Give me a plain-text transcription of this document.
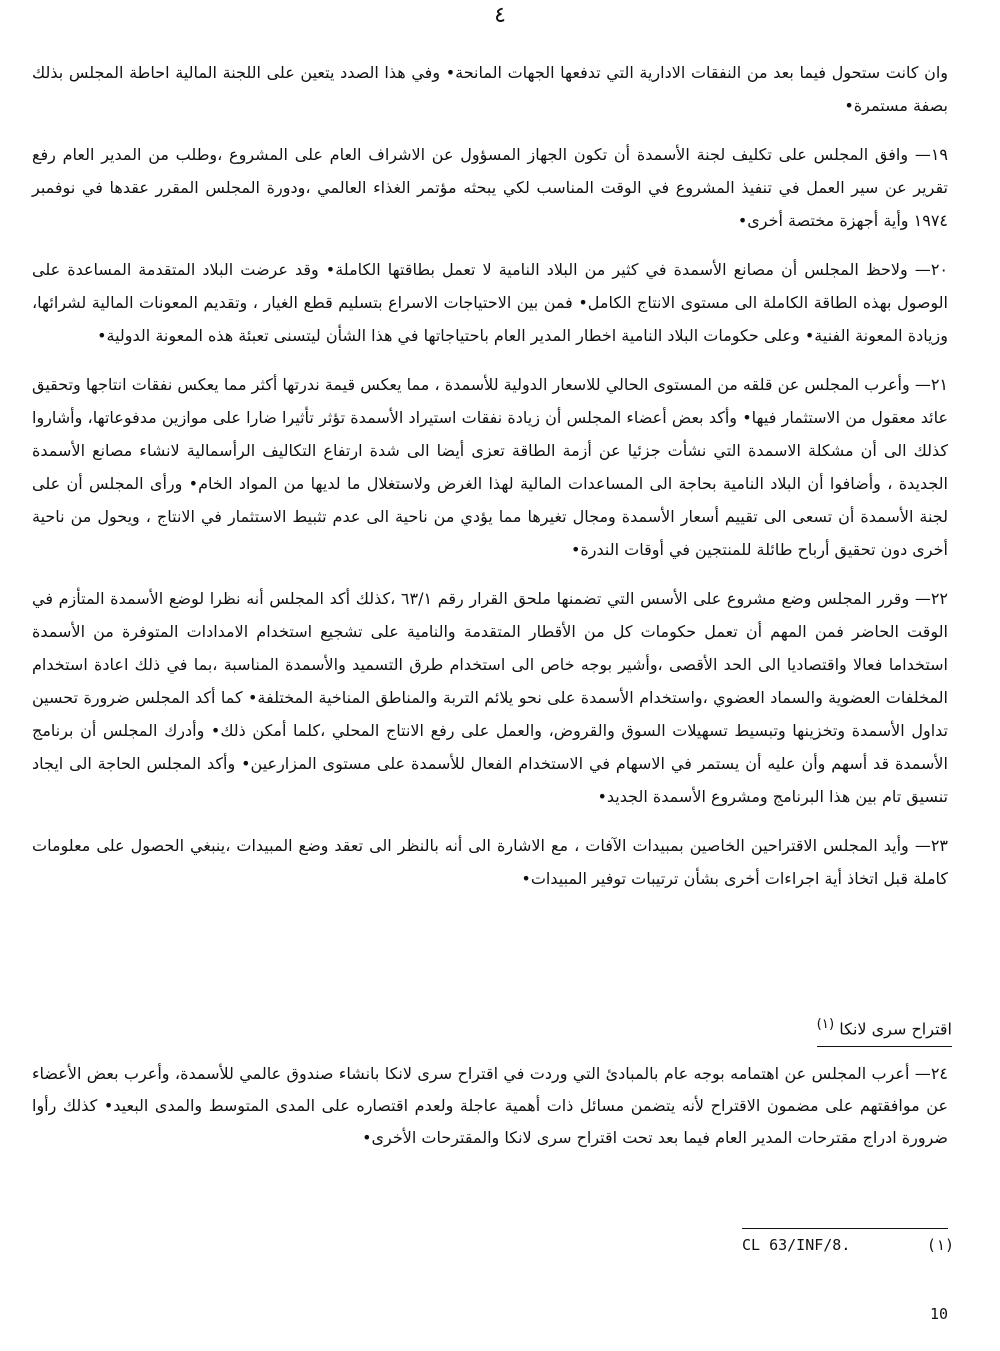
٤

وان كانت ستحول فيما بعد من النفقات الادارية التي تدفعها الجهات المانحة• وفي هذا الصدد يتعين على اللجنة المالية احاطة المجلس بذلك بصفة مستمرة•

١٩— وافق المجلس على تكليف لجنة الأسمدة أن تكون الجهاز المسؤول عن الاشراف العام على المشروع ،وطلب من المدير العام رفع تقرير عن سير العمل في تنفيذ المشروع في الوقت المناسب لكي يبحثه مؤتمر الغذاء العالمي ،ودورة المجلس المقرر عقدها في نوفمبر ١٩٧٤ وأية أجهزة مختصة أخرى•

٢٠— ولاحظ المجلس أن مصانع الأسمدة في كثير من البلاد النامية لا تعمل بطاقتها الكاملة• وقد عرضت البلاد المتقدمة المساعدة على الوصول بهذه الطاقة الكاملة الى مستوى الانتاج الكامل• فمن بين الاحتياجات الاسراع بتسليم قطع الغيار ، وتقديم المعونات المالية لشرائها، وزيادة المعونة الفنية• وعلى حكومات البلاد النامية اخطار المدير العام باحتياجاتها في هذا الشأن ليتسنى تعبئة هذه المعونة الدولية•

٢١— وأعرب المجلس عن قلقه من المستوى الحالي للاسعار الدولية للأسمدة ، مما يعكس قيمة ندرتها أكثر مما يعكس نفقات انتاجها وتحقيق عائد معقول من الاستثمار فيها• وأكد بعض أعضاء المجلس أن زيادة نفقات استيراد الأسمدة تؤثر تأثيرا ضارا على موازين مدفوعاتها، وأشاروا كذلك الى أن مشكلة الاسمدة التي نشأت جزئيا عن أزمة الطاقة تعزى أيضا الى شدة ارتفاع التكاليف الرأسمالية لانشاء مصانع الأسمدة الجديدة ، وأضافوا أن البلاد النامية بحاجة الى المساعدات المالية لهذا الغرض ولاستغلال ما لديها من المواد الخام• ورأى المجلس أن على لجنة الأسمدة أن تسعى الى تقييم أسعار الأسمدة ومجال تغيرها مما يؤدي من ناحية الى عدم تثبيط الاستثمار في الانتاج ، ويحول من ناحية أخرى دون تحقيق أرباح طائلة للمنتجين في أوقات الندرة•

٢٢— وقرر المجلس وضع مشروع على الأسس التي تضمنها ملحق القرار رقم ٦٣/١ ،كذلك أكد المجلس أنه نظرا لوضع الأسمدة المتأزم في الوقت الحاضر فمن المهم أن تعمل حكومات كل من الأقطار المتقدمة والنامية على تشجيع استخدام الامدادات المتوفرة من الأسمدة استخداما فعالا واقتصاديا الى الحد الأقصى ،وأشير بوجه خاص الى استخدام طرق التسميد والأسمدة المناسبة ،بما في ذلك اعادة استخدام المخلفات العضوية والسماد العضوي ،واستخدام الأسمدة على نحو يلائم التربة والمناطق المناخية المختلفة• كما أكد المجلس ضرورة تحسين تداول الأسمدة وتخزينها وتبسيط تسهيلات السوق والقروض، والعمل على رفع الانتاج المحلي ،كلما أمكن ذلك• وأدرك المجلس أن برنامج الأسمدة قد أسهم وأن عليه أن يستمر في الاسهام في الاستخدام الفعال للأسمدة على مستوى المزارعين• وأكد المجلس الحاجة الى ايجاد تنسيق تام بين هذا البرنامج ومشروع الأسمدة الجديد•

٢٣— وأيد المجلس الاقتراحين الخاصين بمبيدات الآفات ، مع الاشارة الى أنه بالنظر الى تعقد وضع المبيدات ،ينبغي الحصول على معلومات كاملة قبل اتخاذ أية اجراءات أخرى بشأن ترتيبات توفير المبيدات•

اقتراح سرى لانكا $^{(١)}$

٢٤— أعرب المجلس عن اهتمامه بوجه عام بالمبادئ التي وردت في اقتراح سرى لانكا بانشاء صندوق عالمي للأسمدة، وأعرب بعض الأعضاء عن موافقتهم على مضمون الاقتراح لأنه يتضمن مسائل ذات أهمية عاجلة ولعدم اقتصاره على المدى المتوسط والمدى البعيد• كذلك رأوا ضرورة ادراج مقترحات المدير العام فيما بعد تحت اقتراح سرى لانكا والمقترحات الأخرى•

(١)
CL 63/INF/8.
10
